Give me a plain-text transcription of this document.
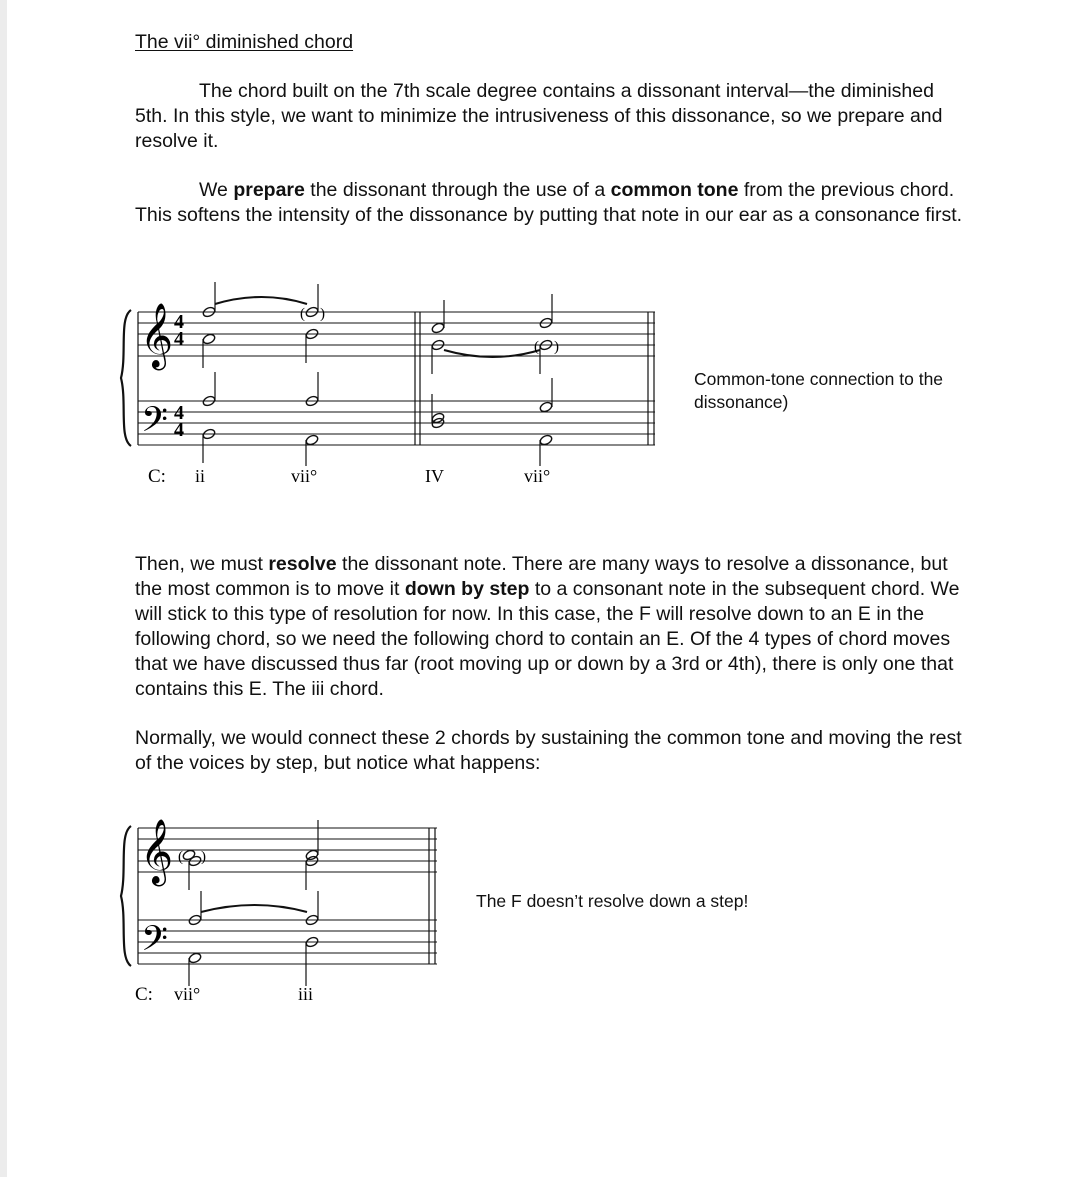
The vii° diminished chord

The chord built on the 7th scale degree contains a dissonant interval—the diminished 5th. In this style, we want to minimize the intrusiveness of this dissonance, so we prepare and resolve it.

We prepare the dissonant through the use of a common tone from the previous chord. This softens the intensity of the dissonance by putting that note in our ear as a consonance first.

𝄞
𝄢
4
4
4
4
( )
( )
C: ii	vii°	IV	vii°
Common-tone connection to the dissonance)

Then, we must resolve the dissonant note. There are many ways to resolve a dissonance, but the most common is to move it down by step to a consonant note in the subsequent chord. We will stick to this type of resolution for now. In this case, the F will resolve down to an E in the following chord, so we need the following chord to contain an E. Of the 4 types of chord moves that we have discussed thus far (root moving up or down by a 3rd or 4th), there is only one that contains this E. The iii chord.

Normally, we would connect these 2 chords by sustaining the common tone and moving the rest of the voices by step, but notice what happens:

𝄞
𝄢
( )
C: vii°	iii
The F doesn’t resolve down a step!
